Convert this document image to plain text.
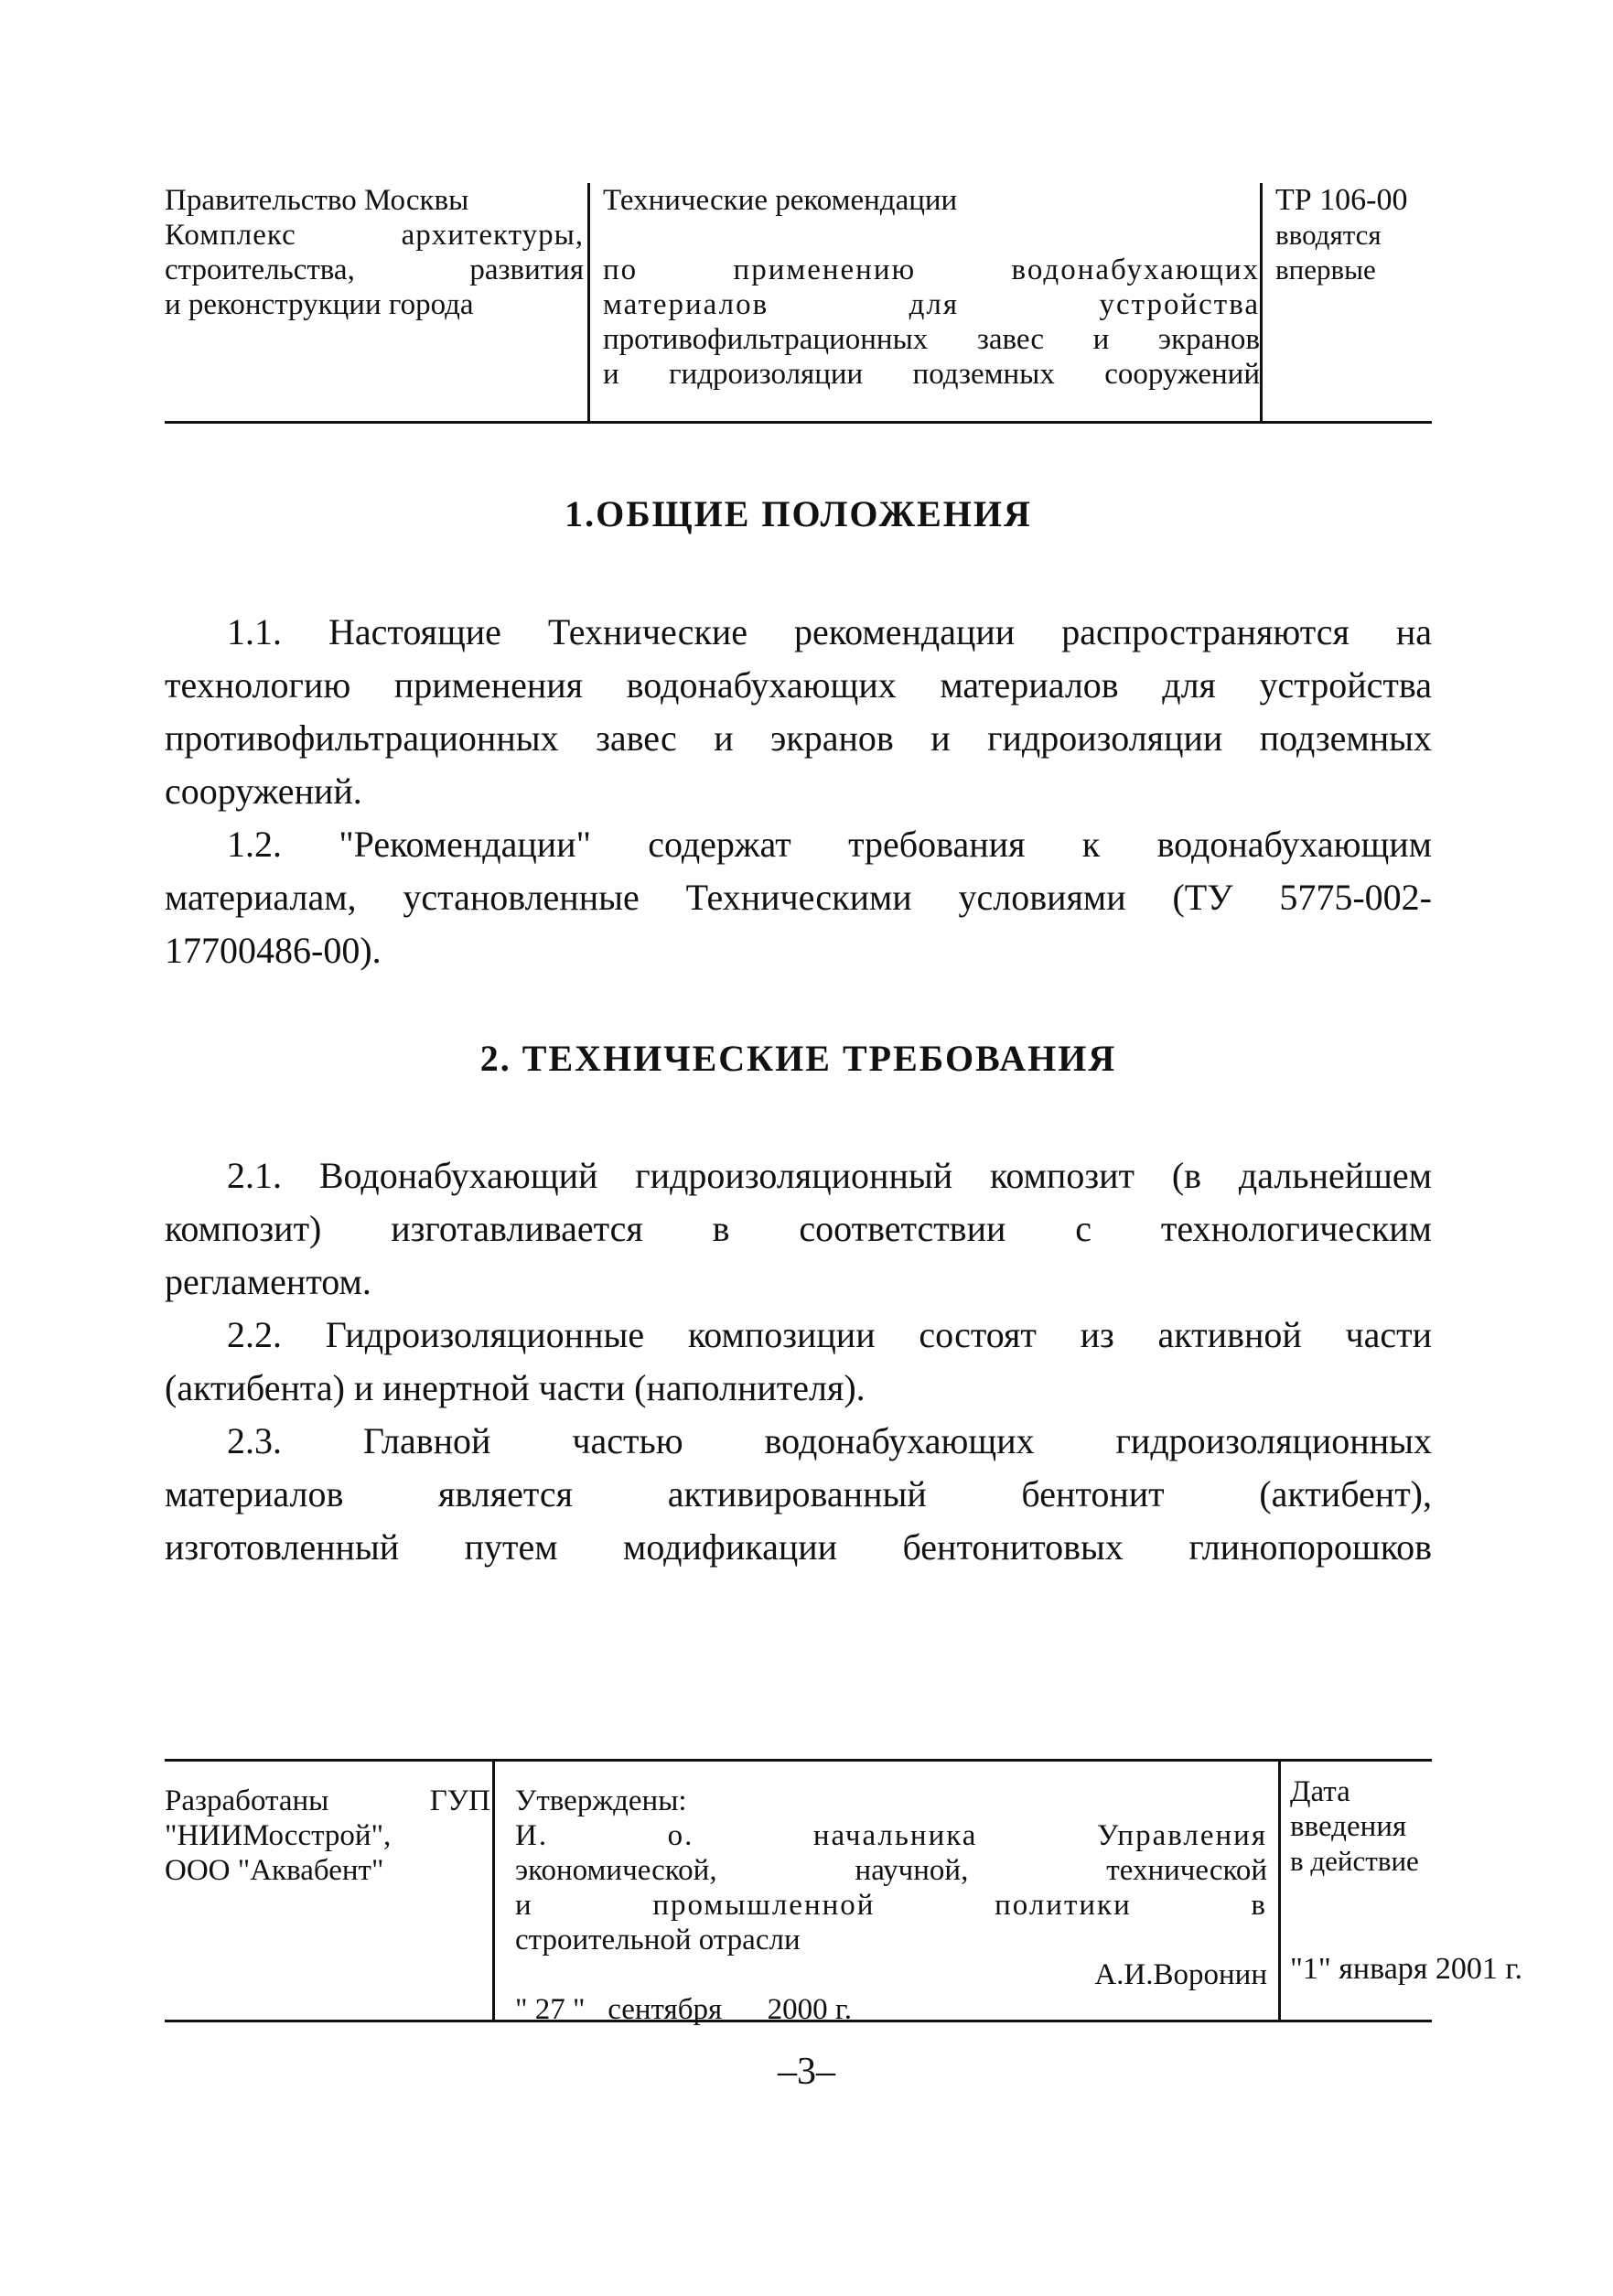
Правительство Москвы
Комплекс архитектуры,
строительства, развития
и реконструкции города
Технические рекомендации
по применению водонабухающих
материалов для устройства
противофильтрационных завес и экранов
и гидроизоляции подземных сооружений
ТР 106-00
вводятся
впервые
1.ОБЩИЕ ПОЛОЖЕНИЯ
1.1. Настоящие Технические рекомендации распространяются на
технологию применения водонабухающих материалов для устройства
противофильтрационных завес и экранов и гидроизоляции подземных
сооружений.
1.2. "Рекомендации" содержат требования к водонабухающим
материалам, установленные Техническими условиями (ТУ 5775-002-
17700486-00).
2. ТЕХНИЧЕСКИЕ ТРЕБОВАНИЯ
2.1. Водонабухающий гидроизоляционный композит (в дальнейшем
композит) изготавливается в соответствии с технологическим
регламентом.
2.2. Гидроизоляционные композиции состоят из активной части
(актибента) и инертной части (наполнителя).
2.3. Главной частью водонабухающих гидроизоляционных
материалов является активированный бентонит (актибент),
изготовленный путем модификации бентонитовых глинопорошков
Разработаны ГУП
"НИИМосстрой",
ООО "Аквабент"
Утверждены:
И. о. начальника Управления
экономической, научной, технической
и промышленной политики в
строительной отрасли
А.И.Воронин
" 27 "   сентября      2000 г.
Дата введения
в действие
"1" января 2001 г.
–3–
